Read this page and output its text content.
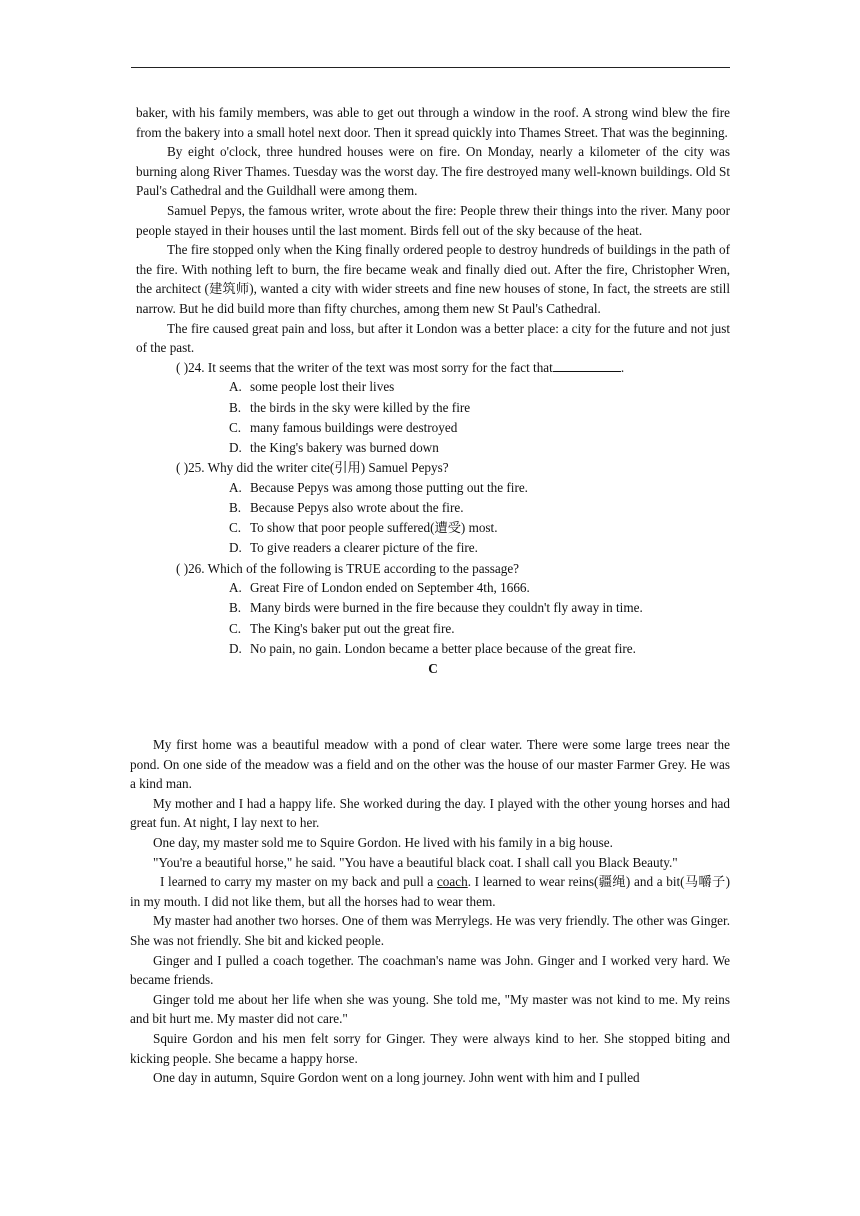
baker, with his family members, was able to get out through a window in the roof. A strong wind blew the fire from the bakery into a small hotel next door. Then it spread quickly into Thames Street. That was the beginning.

By eight o'clock, three hundred houses were on fire. On Monday, nearly a kilometer of the city was burning along River Thames. Tuesday was the worst day. The fire destroyed many well-known buildings. Old St Paul's Cathedral and the Guildhall were among them.

Samuel Pepys, the famous writer, wrote about the fire: People threw their things into the river. Many poor people stayed in their houses until the last moment. Birds fell out of the sky because of the heat.

The fire stopped only when the King finally ordered people to destroy hundreds of buildings in the path of the fire. With nothing left to burn, the fire became weak and finally died out. After the fire, Christopher Wren, the architect (建筑师), wanted a city with wider streets and fine new houses of stone, In fact, the streets are still narrow. But he did build more than fifty churches, among them new St Paul's Cathedral.

The fire caused great pain and loss, but after it London was a better place: a city for the future and not just of the past.

( )24. It seems that the writer of the text was most sorry for the fact that	.

A. some people lost their lives

B. the birds in the sky were killed by the fire

C. many famous buildings were destroyed

D. the King's bakery was burned down

( )25. Why did the writer cite(引用) Samuel Pepys?

A. Because Pepys was among those putting out the fire.

B. Because Pepys also wrote about the fire.

C. To show that poor people suffered(遭受) most.

D. To give readers a clearer picture of the fire.

( )26. Which of the following is TRUE according to the passage?

A. Great Fire of London ended on September 4th, 1666.

B. Many birds were burned in the fire because they couldn't fly away in time.

C. The King's baker put out the great fire.

D. No pain, no gain. London became a better place because of the great fire.

C

My first home was a beautiful meadow with a pond of clear water. There were some large trees near the pond. On one side of the meadow was a field and on the other was the house of our master Farmer Grey. He was a kind man.

My mother and I had a happy life. She worked during the day. I played with the other young horses and had great fun. At night, I lay next to her.

One day, my master sold me to Squire Gordon. He lived with his family in a big house.

"You're a beautiful horse," he said. "You have a beautiful black coat. I shall call you Black Beauty."

I learned to carry my master on my back and pull a coach. I learned to wear reins(疆绳) and a bit(马嚼子) in my mouth. I did not like them, but all the horses had to wear them.

My master had another two horses. One of them was Merrylegs. He was very friendly. The other was Ginger. She was not friendly. She bit and kicked people.

Ginger and I pulled a coach together. The coachman's name was John. Ginger and I worked very hard. We became friends.

Ginger told me about her life when she was young. She told me, "My master was not kind to me. My reins and bit hurt me. My master did not care."

Squire Gordon and his men felt sorry for Ginger. They were always kind to her. She stopped biting and kicking people. She became a happy horse.

One day in autumn, Squire Gordon went on a long journey. John went with him and I pulled
